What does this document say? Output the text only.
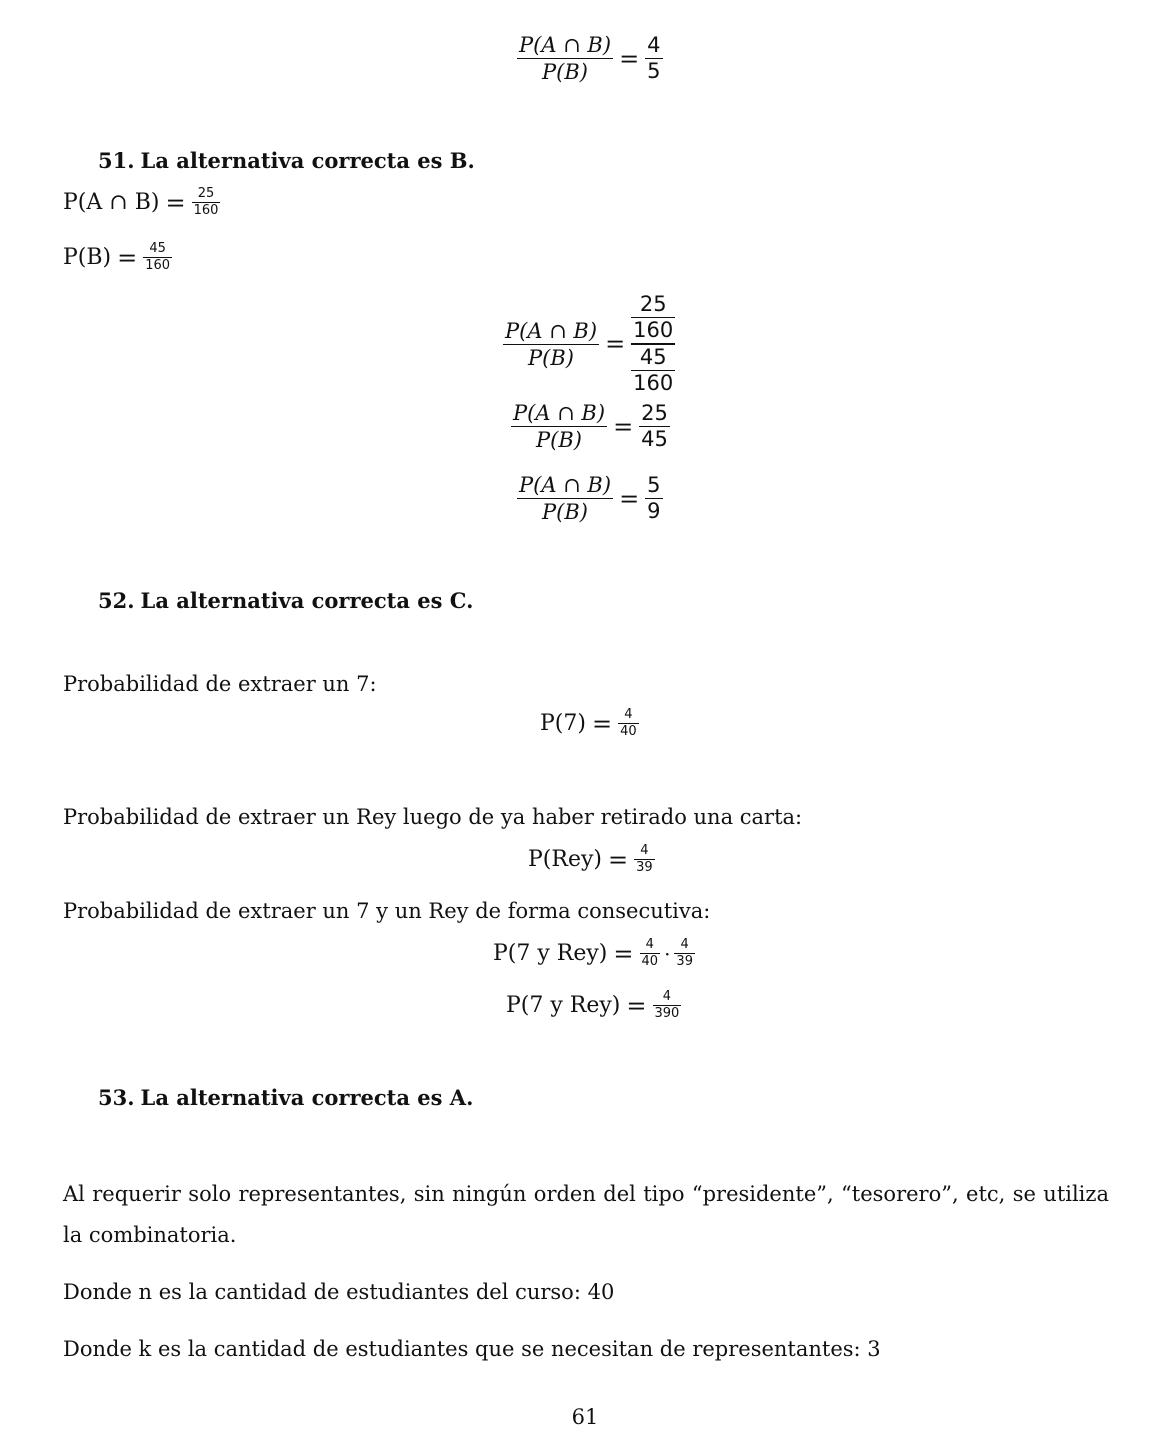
$\frac{P(A \cap B)}{P(B)} = \frac{4}{5}$
51. La alternativa correcta es B.
P(A ∩ $B) = \frac{25}{160}$
$P(B) = \frac{45}{160}$
$\frac{P(A \cap B)}{P(B)} = \frac{\frac{25}{160}}{\frac{45}{160}}$
$\frac{P(A \cap B)}{P(B)} = \frac{25}{45}$
$\frac{P(A \cap B)}{P(B)} = \frac{5}{9}$
52. La alternativa correcta es C.
Probabilidad de extraer un 7:
$P(7) = \frac{4}{40}$
Probabilidad de extraer un Rey luego de ya haber retirado una carta:
$P(Rey) = \frac{4}{39}$
Probabilidad de extraer un 7 y un Rey de forma consecutiva:
P(7 y $Rey) = \frac{4}{40} \cdot \frac{4}{39}$
P(7 y $Rey) = \frac{4}{390}$
53. La alternativa correcta es A.
Al requerir solo representantes, sin ningún orden del tipo “presidente”, “tesorero”, etc, se utiliza la combinatoria.
Donde n es la cantidad de estudiantes del curso: 40
Donde k es la cantidad de estudiantes que se necesitan de representantes: 3
61
